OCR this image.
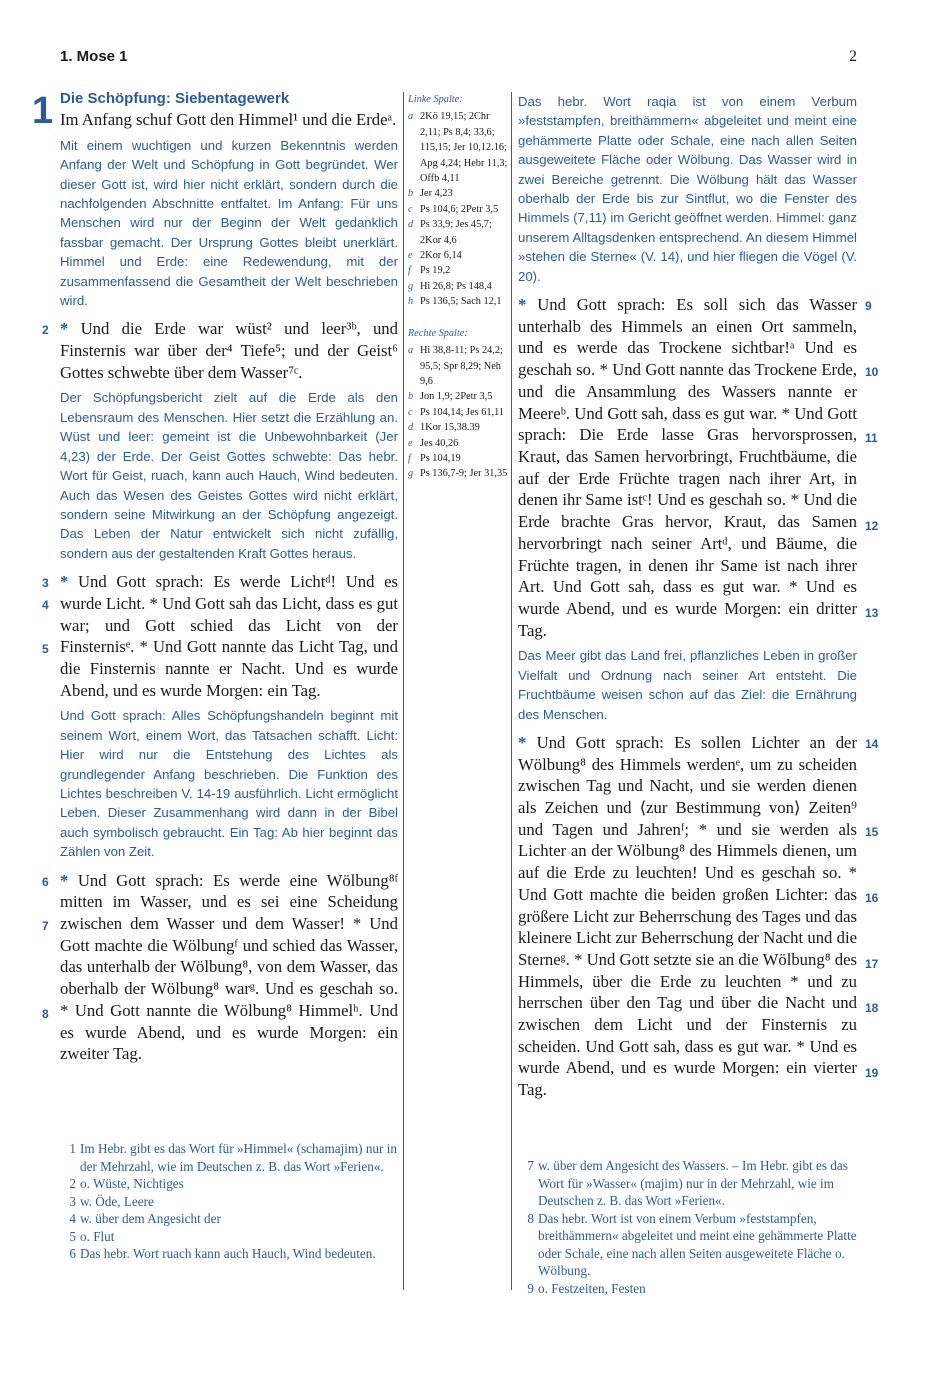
1. Mose 1	2
1 Die Schöpfung: Siebentagewerk

Im Anfang schuf Gott den Himmel¹ und die Erdeᵃ.

Mit einem wuchtigen und kurzen Bekenntnis werden Anfang der Welt und Schöpfung in Gott begründet. Wer dieser Gott ist, wird hier nicht erklärt, sondern durch die nachfolgenden Abschnitte entfaltet. Im Anfang: Für uns Menschen wird nur der Beginn der Welt gedanklich fassbar gemacht. Der Ursprung Gottes bleibt unerklärt. Himmel und Erde: eine Redewendung, mit der zusammenfassend die Gesamtheit der Welt beschrieben wird.

2 * Und die Erde war wüst² und leer³ᵇ, und Finsternis war über der⁴ Tiefe⁵; und der Geist⁶ Gottes schwebte über dem Wasser⁷ᶜ.

Der Schöpfungsbericht zielt auf die Erde als den Lebensraum des Menschen. Hier setzt die Erzählung an. Wüst und leer: gemeint ist die Unbewohnbarkeit (Jer 4,23) der Erde. Der Geist Gottes schwebte: Das hebr. Wort für Geist, ruach, kann auch Hauch, Wind bedeuten. Auch das Wesen des Geistes Gottes wird nicht erklärt, sondern seine Mitwirkung an der Schöpfung angezeigt. Das Leben der Natur entwickelt sich nicht zufällig, sondern aus der gestaltenden Kraft Gottes heraus.

3
4
5
* Und Gott sprach: Es werde Lichtᵈ! Und es wurde Licht. * Und Gott sah das Licht, dass es gut war; und Gott schied das Licht von der Finsternisᵉ. * Und Gott nannte das Licht Tag, und die Finsternis nannte er Nacht. Und es wurde Abend, und es wurde Morgen: ein Tag.

Und Gott sprach: Alles Schöpfungshandeln beginnt mit seinem Wort, einem Wort, das Tatsachen schafft. Licht: Hier wird nur die Entstehung des Lichtes als grundlegender Anfang beschrieben. Die Funktion des Lichtes beschreiben V. 14-19 ausführlich. Licht ermöglicht Leben. Dieser Zusammenhang wird dann in der Bibel auch symbolisch gebraucht. Ein Tag: Ab hier beginnt das Zählen von Zeit.

6
7
8
* Und Gott sprach: Es werde eine Wölbung⁸ᶠ mitten im Wasser, und es sei eine Scheidung zwischen dem Wasser und dem Wasser! * Und Gott machte die Wölbungᶠ und schied das Wasser, das unterhalb der Wölbung⁸, von dem Wasser, das oberhalb der Wölbung⁸ warᵍ. Und es geschah so. * Und Gott nannte die Wölbung⁸ Himmelʰ. Und es wurde Abend, und es wurde Morgen: ein zweiter Tag.
Linke Spalte:
a 2Kö 19,15; 2Chr 2,11; Ps 8,4; 33,6; 115,15; Jer 10,12.16; Apg 4,24; Hebr 11,3; Offb 4,11
b Jer 4,23
c Ps 104,6; 2Petr 3,5
d Ps 33,9; Jes 45,7; 2Kor 4,6
e 2Kor 6,14
f Ps 19,2
g Hi 26,8; Ps 148,4
h Ps 136,5; Sach 12,1
Rechte Spalte:
a Hi 38,8-11; Ps 24,2; 95,5; Spr 8,29; Neh 9,6
b Jon 1,9; 2Petr 3,5
c Ps 104,14; Jes 61,11
d 1Kor 15,38.39
e Jes 40,26
f Ps 104,19
g Ps 136,7-9; Jer 31,35

Das hebr. Wort raqia ist von einem Verbum »feststampfen, breithämmern« abgeleitet und meint eine gehämmerte Platte oder Schale, eine nach allen Seiten ausgeweitete Fläche oder Wölbung. Das Wasser wird in zwei Bereiche getrennt. Die Wölbung hält das Wasser oberhalb der Erde bis zur Sintflut, wo die Fenster des Himmels (7,11) im Gericht geöffnet werden. Himmel: ganz unserem Alltagsdenken entsprechend. An diesem Himmel »stehen die Sterne« (V. 14), und hier fliegen die Vögel (V. 20).

9
10
11
12
13
* Und Gott sprach: Es soll sich das Wasser unterhalb des Himmels an einen Ort sammeln, und es werde das Trockene sichtbar!ᵃ Und es geschah so. * Und Gott nannte das Trockene Erde, und die Ansammlung des Wassers nannte er Meereᵇ. Und Gott sah, dass es gut war. * Und Gott sprach: Die Erde lasse Gras hervorsprossen, Kraut, das Samen hervorbringt, Fruchtbäume, die auf der Erde Früchte tragen nach ihrer Art, in denen ihr Same istᶜ! Und es geschah so. * Und die Erde brachte Gras hervor, Kraut, das Samen hervorbringt nach seiner Artᵈ, und Bäume, die Früchte tragen, in denen ihr Same ist nach ihrer Art. Und Gott sah, dass es gut war. * Und es wurde Abend, und es wurde Morgen: ein dritter Tag.

Das Meer gibt das Land frei, pflanzliches Leben in großer Vielfalt und Ordnung nach seiner Art entsteht. Die Fruchtbäume weisen schon auf das Ziel: die Ernährung des Menschen.

14
15
16
17
18
19
* Und Gott sprach: Es sollen Lichter an der Wölbung⁸ des Himmels werdenᵉ, um zu scheiden zwischen Tag und Nacht, und sie werden dienen als Zeichen und ⟨zur Bestimmung von⟩ Zeiten⁹ und Tagen und Jahrenᶠ; * und sie werden als Lichter an der Wölbung⁸ des Himmels dienen, um auf die Erde zu leuchten! Und es geschah so. * Und Gott machte die beiden großen Lichter: das größere Licht zur Beherrschung des Tages und das kleinere Licht zur Beherrschung der Nacht und die Sterneᵍ. * Und Gott setzte sie an die Wölbung⁸ des Himmels, über die Erde zu leuchten * und zu herrschen über den Tag und über die Nacht und zwischen dem Licht und der Finsternis zu scheiden. Und Gott sah, dass es gut war. * Und es wurde Abend, und es wurde Morgen: ein vierter Tag.
1 Im Hebr. gibt es das Wort für »Himmel« (schamajim) nur in der Mehrzahl, wie im Deutschen z. B. das Wort »Ferien«.
2 o. Wüste, Nichtiges
3 w. Öde, Leere
4 w. über dem Angesicht der
5 o. Flut
6 Das hebr. Wort ruach kann auch Hauch, Wind bedeuten.
7 w. über dem Angesicht des Wassers. – Im Hebr. gibt es das Wort für »Wasser« (majim) nur in der Mehrzahl, wie im Deutschen z. B. das Wort »Ferien«.
8 Das hebr. Wort ist von einem Verbum »feststampfen, breithämmern« abgeleitet und meint eine gehämmerte Platte oder Schale, eine nach allen Seiten ausgeweitete Fläche o. Wölbung.
9 o. Festzeiten, Festen
